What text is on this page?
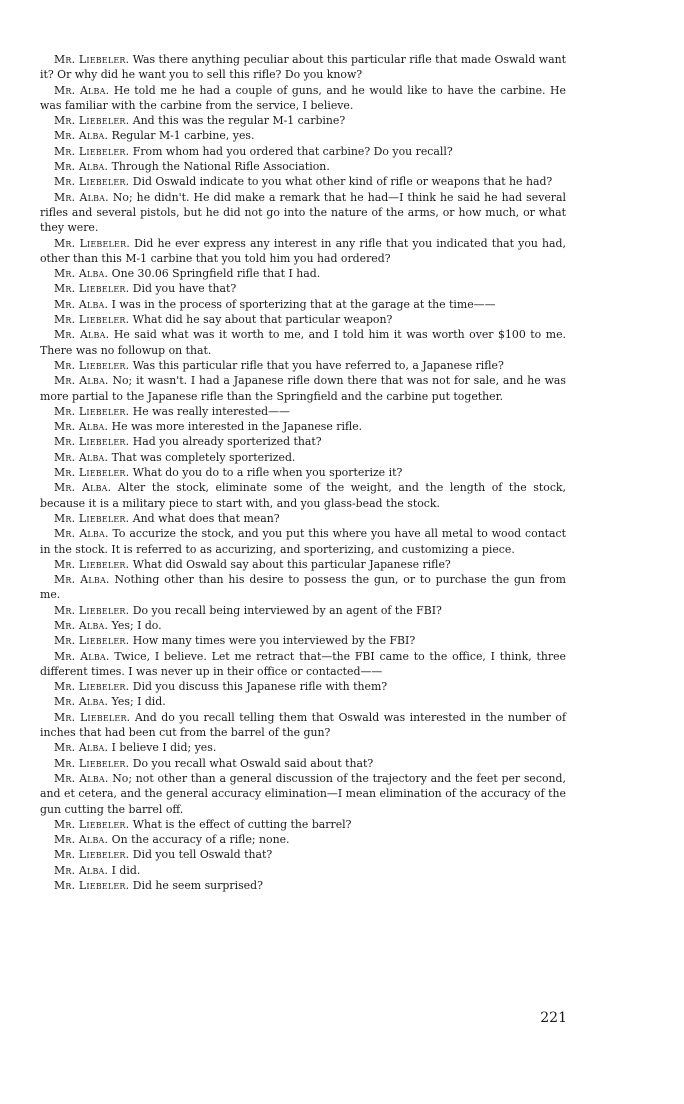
Mr. Liebeler. Was there anything peculiar about this particular rifle that made Oswald want it? Or why did he want you to sell this rifle? Do you know?

Mr. Alba. He told me he had a couple of guns, and he would like to have the carbine. He was familiar with the carbine from the service, I believe.

Mr. Liebeler. And this was the regular M-1 carbine?

Mr. Alba. Regular M-1 carbine, yes.

Mr. Liebeler. From whom had you ordered that carbine? Do you recall?

Mr. Alba. Through the National Rifle Association.

Mr. Liebeler. Did Oswald indicate to you what other kind of rifle or weapons that he had?

Mr. Alba. No; he didn't. He did make a remark that he had—I think he said he had several rifles and several pistols, but he did not go into the nature of the arms, or how much, or what they were.

Mr. Liebeler. Did he ever express any interest in any rifle that you indicated that you had, other than this M-1 carbine that you told him you had ordered?

Mr. Alba. One 30.06 Springfield rifle that I had.

Mr. Liebeler. Did you have that?

Mr. Alba. I was in the process of sporterizing that at the garage at the time——

Mr. Liebeler. What did he say about that particular weapon?

Mr. Alba. He said what was it worth to me, and I told him it was worth over $100 to me. There was no followup on that.

Mr. Liebeler. Was this particular rifle that you have referred to, a Japanese rifle?

Mr. Alba. No; it wasn't. I had a Japanese rifle down there that was not for sale, and he was more partial to the Japanese rifle than the Springfield and the carbine put together.

Mr. Liebeler. He was really interested——

Mr. Alba. He was more interested in the Japanese rifle.

Mr. Liebeler. Had you already sporterized that?

Mr. Alba. That was completely sporterized.

Mr. Liebeler. What do you do to a rifle when you sporterize it?

Mr. Alba. Alter the stock, eliminate some of the weight, and the length of the stock, because it is a military piece to start with, and you glass-bead the stock.

Mr. Liebeler. And what does that mean?

Mr. Alba. To accurize the stock, and you put this where you have all metal to wood contact in the stock. It is referred to as accurizing, and sporterizing, and customizing a piece.

Mr. Liebeler. What did Oswald say about this particular Japanese rifle?

Mr. Alba. Nothing other than his desire to possess the gun, or to purchase the gun from me.

Mr. Liebeler. Do you recall being interviewed by an agent of the FBI?

Mr. Alba. Yes; I do.

Mr. Liebeler. How many times were you interviewed by the FBI?

Mr. Alba. Twice, I believe. Let me retract that—the FBI came to the office, I think, three different times. I was never up in their office or contacted——

Mr. Liebeler. Did you discuss this Japanese rifle with them?

Mr. Alba. Yes; I did.

Mr. Liebeler. And do you recall telling them that Oswald was interested in the number of inches that had been cut from the barrel of the gun?

Mr. Alba. I believe I did; yes.

Mr. Liebeler. Do you recall what Oswald said about that?

Mr. Alba. No; not other than a general discussion of the trajectory and the feet per second, and et cetera, and the general accuracy elimination—I mean elimination of the accuracy of the gun cutting the barrel off.

Mr. Liebeler. What is the effect of cutting the barrel?

Mr. Alba. On the accuracy of a rifle; none.

Mr. Liebeler. Did you tell Oswald that?

Mr. Alba. I did.

Mr. Liebeler. Did he seem surprised?

221
